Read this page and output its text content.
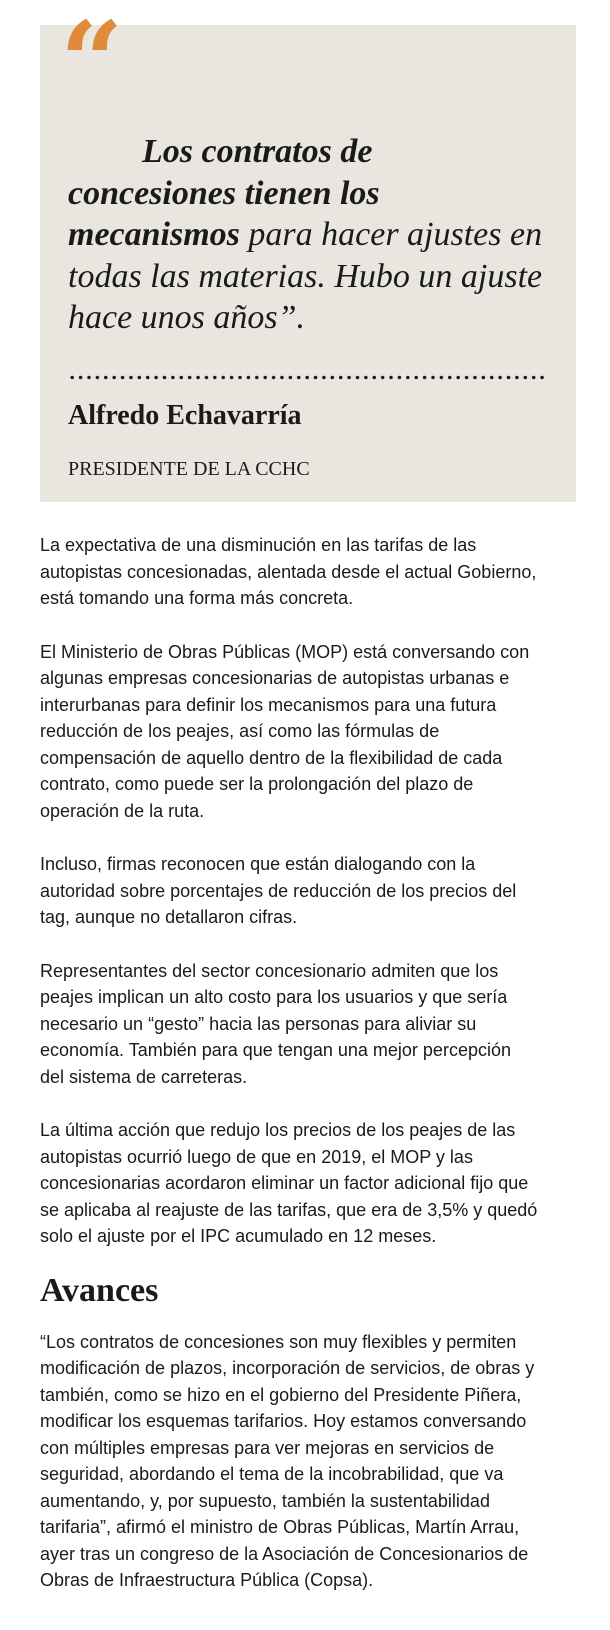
“

Los contratos de concesiones tienen los mecanismos para hacer ajustes en todas las materias. Hubo un ajuste hace unos años”.

Alfredo Echavarría

PRESIDENTE DE LA CCHC

La expectativa de una disminución en las tarifas de las
autopistas concesionadas, alentada desde el actual Gobierno,
está tomando una forma más concreta.

El Ministerio de Obras Públicas (MOP) está conversando con
algunas empresas concesionarias de autopistas urbanas e
interurbanas para definir los mecanismos para una futura
reducción de los peajes, así como las fórmulas de
compensación de aquello dentro de la flexibilidad de cada
contrato, como puede ser la prolongación del plazo de
operación de la ruta.

Incluso, firmas reconocen que están dialogando con la
autoridad sobre porcentajes de reducción de los precios del
tag, aunque no detallaron cifras.

Representantes del sector concesionario admiten que los
peajes implican un alto costo para los usuarios y que sería
necesario un “gesto” hacia las personas para aliviar su
economía. También para que tengan una mejor percepción
del sistema de carreteras.

La última acción que redujo los precios de los peajes de las
autopistas ocurrió luego de que en 2019, el MOP y las
concesionarias acordaron eliminar un factor adicional fijo que
se aplicaba al reajuste de las tarifas, que era de 3,5% y quedó
solo el ajuste por el IPC acumulado en 12 meses.

Avances

“Los contratos de concesiones son muy flexibles y permiten
modificación de plazos, incorporación de servicios, de obras y
también, como se hizo en el gobierno del Presidente Piñera,
modificar los esquemas tarifarios. Hoy estamos conversando
con múltiples empresas para ver mejoras en servicios de
seguridad, abordando el tema de la incobrabilidad, que va
aumentando, y, por supuesto, también la sustentabilidad
tarifaria”, afirmó el ministro de Obras Públicas, Martín Arrau,
ayer tras un congreso de la Asociación de Concesionarios de
Obras de Infraestructura Pública (Copsa).
